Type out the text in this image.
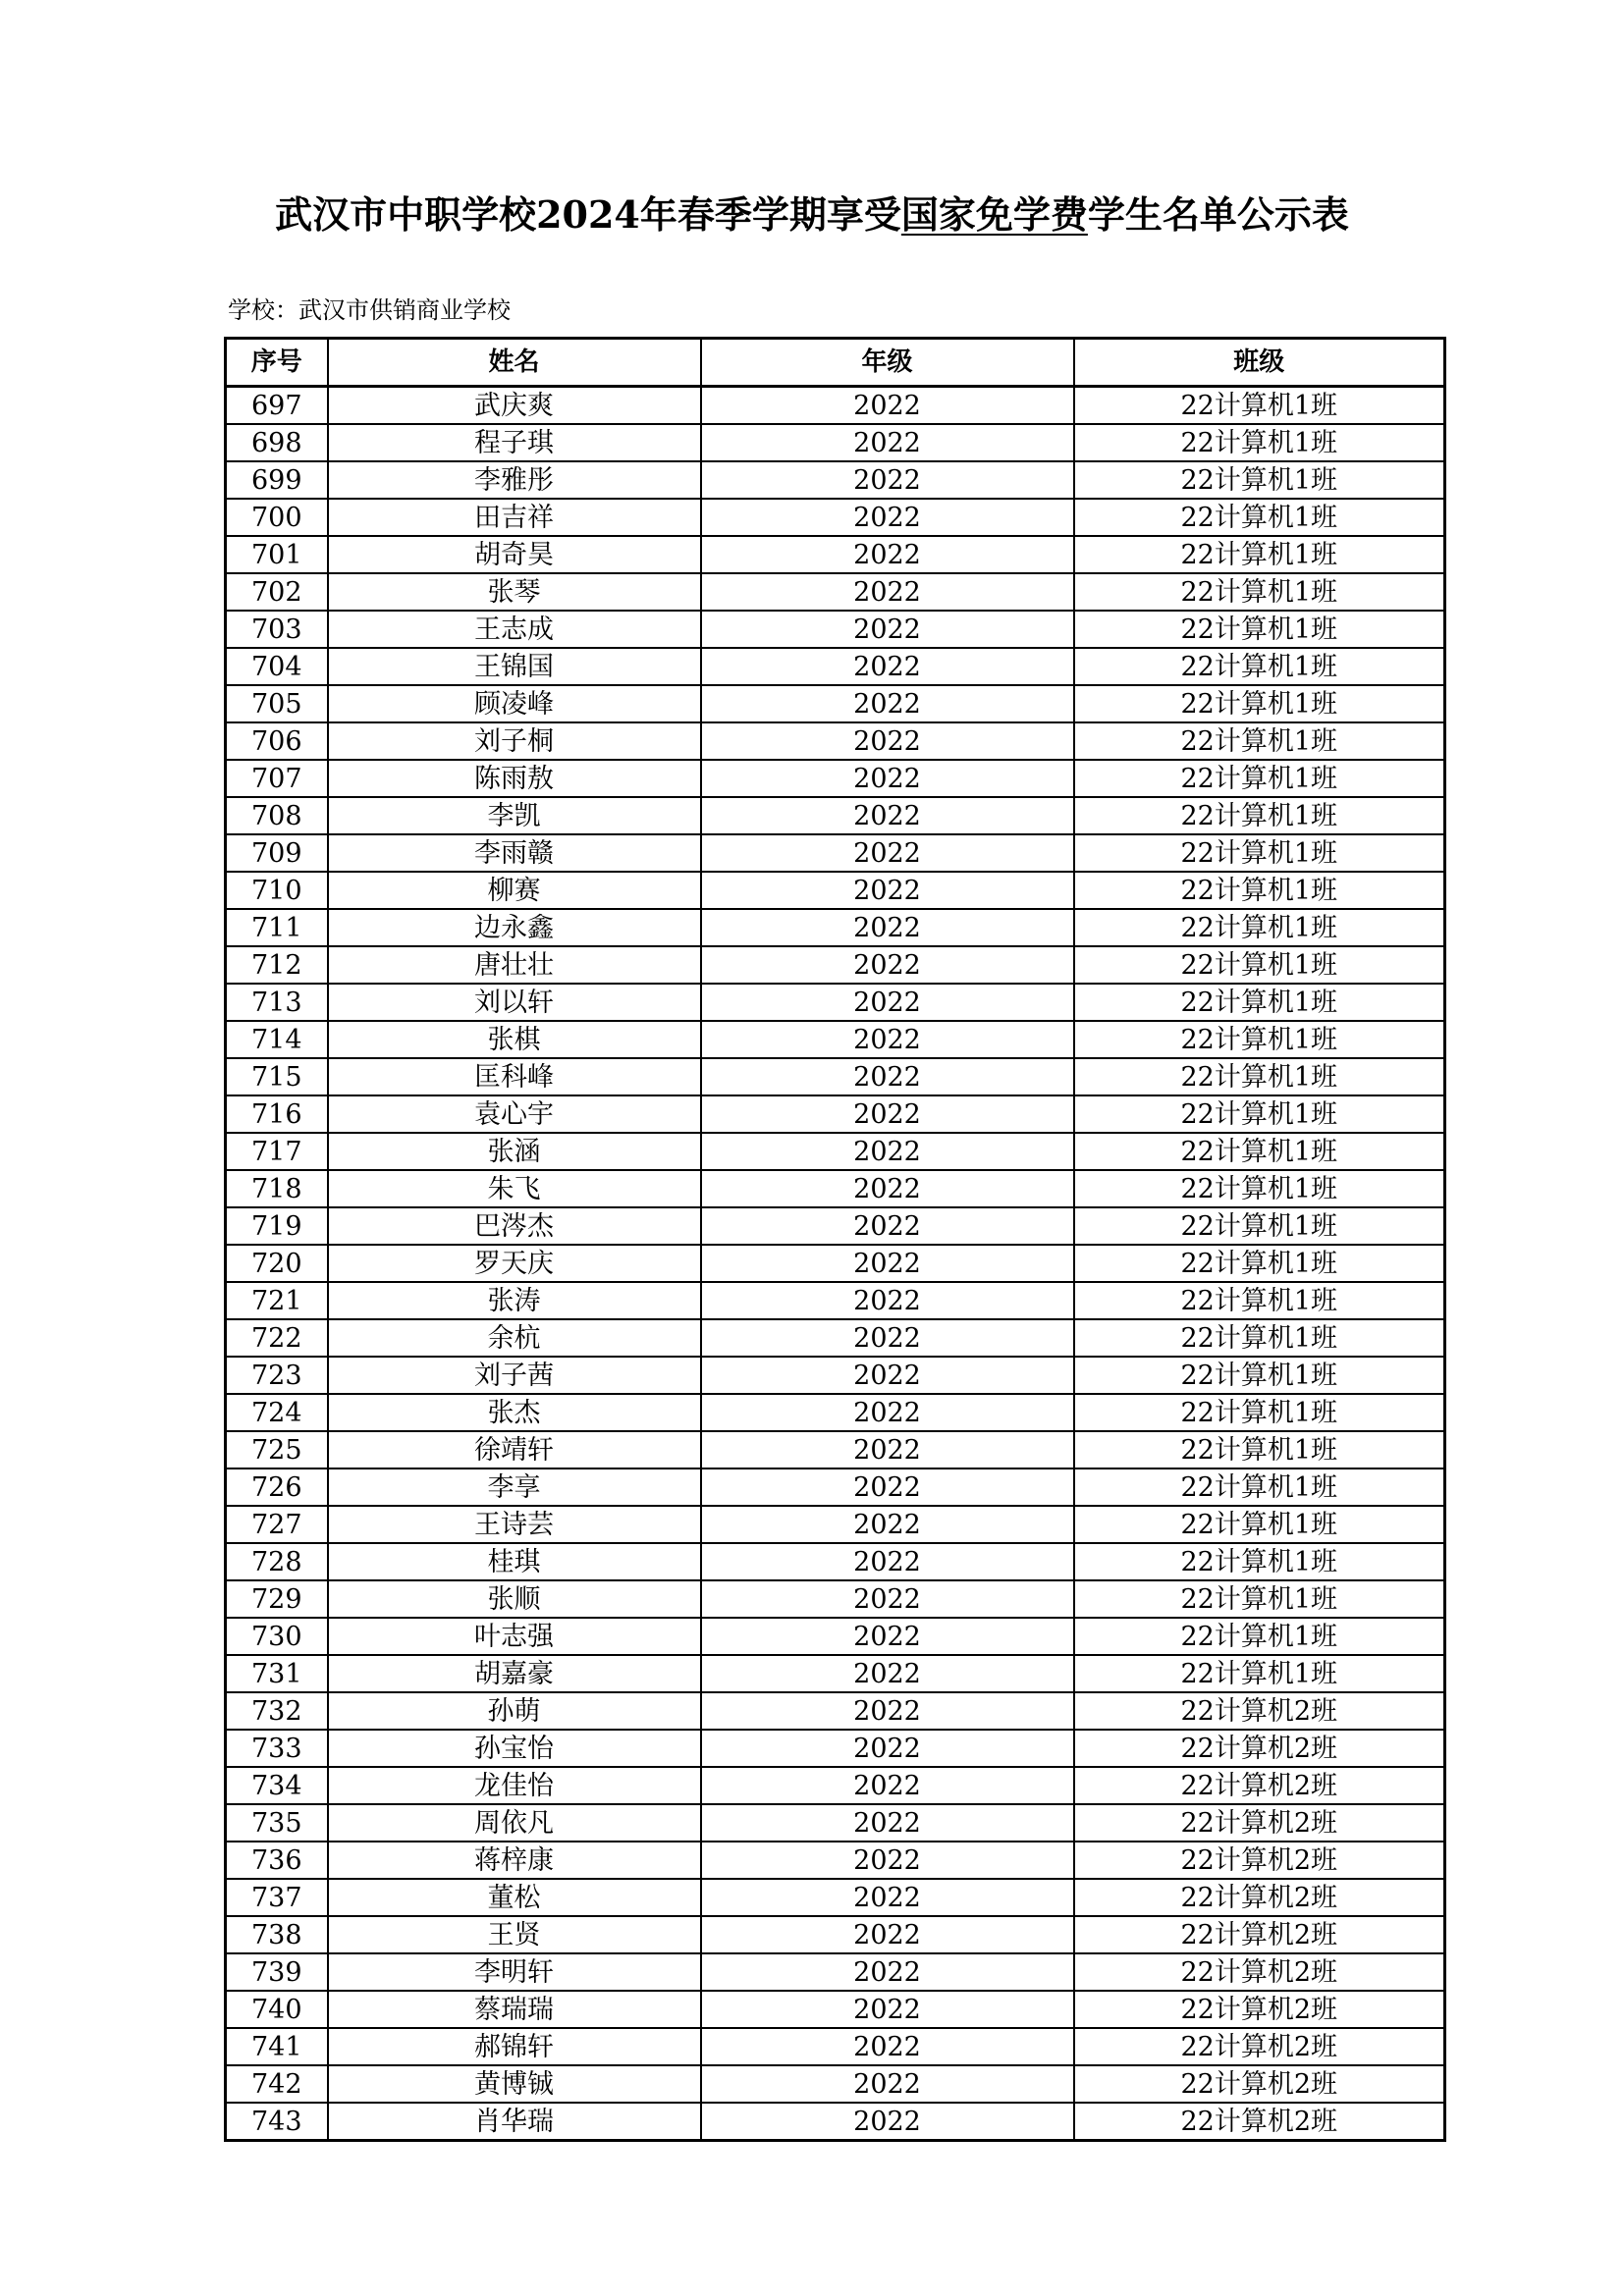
武汉市中职学校2024年春季学期享受国家免学费学生名单公示表
学校：武汉市供销商业学校
序号	姓名	年级	班级
697	武庆爽	2022	22计算机1班
698	程子琪	2022	22计算机1班
699	李雅彤	2022	22计算机1班
700	田吉祥	2022	22计算机1班
701	胡奇昊	2022	22计算机1班
702	张琴	2022	22计算机1班
703	王志成	2022	22计算机1班
704	王锦国	2022	22计算机1班
705	顾凌峰	2022	22计算机1班
706	刘子桐	2022	22计算机1班
707	陈雨敖	2022	22计算机1班
708	李凯	2022	22计算机1班
709	李雨赣	2022	22计算机1班
710	柳赛	2022	22计算机1班
711	边永鑫	2022	22计算机1班
712	唐壮壮	2022	22计算机1班
713	刘以轩	2022	22计算机1班
714	张棋	2022	22计算机1班
715	匡科峰	2022	22计算机1班
716	袁心宇	2022	22计算机1班
717	张涵	2022	22计算机1班
718	朱飞	2022	22计算机1班
719	巴涔杰	2022	22计算机1班
720	罗天庆	2022	22计算机1班
721	张涛	2022	22计算机1班
722	余杭	2022	22计算机1班
723	刘子茜	2022	22计算机1班
724	张杰	2022	22计算机1班
725	徐靖轩	2022	22计算机1班
726	李享	2022	22计算机1班
727	王诗芸	2022	22计算机1班
728	桂琪	2022	22计算机1班
729	张顺	2022	22计算机1班
730	叶志强	2022	22计算机1班
731	胡嘉豪	2022	22计算机1班
732	孙萌	2022	22计算机2班
733	孙宝怡	2022	22计算机2班
734	龙佳怡	2022	22计算机2班
735	周依凡	2022	22计算机2班
736	蒋梓康	2022	22计算机2班
737	董松	2022	22计算机2班
738	王贤	2022	22计算机2班
739	李明轩	2022	22计算机2班
740	蔡瑞瑞	2022	22计算机2班
741	郝锦轩	2022	22计算机2班
742	黄博铖	2022	22计算机2班
743	肖华瑞	2022	22计算机2班
